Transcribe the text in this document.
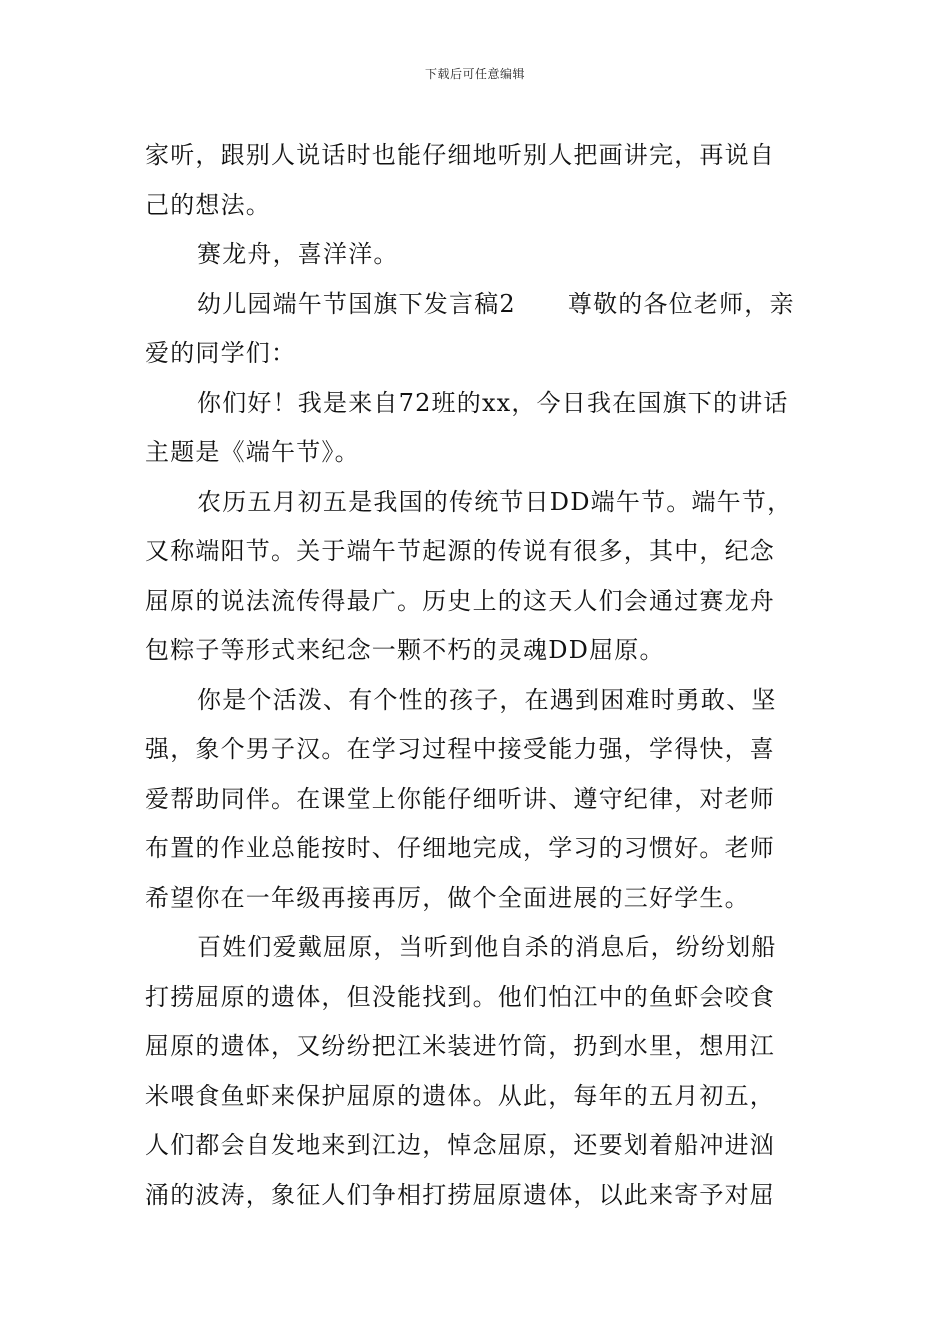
下载后可任意编辑
家听，跟别人说话时也能仔细地听别人把画讲完，再说自
己的想法。
赛龙舟，喜洋洋。
幼儿园端午节国旗下发言稿2 尊敬的各位老师，亲
爱的同学们：
你们好！我是来自72班的xx，今日我在国旗下的讲话
主题是《端午节》。
农历五月初五是我国的传统节日DD端午节。端午节，
又称端阳节。关于端午节起源的传说有很多，其中，纪念
屈原的说法流传得最广。历史上的这天人们会通过赛龙舟
包粽子等形式来纪念一颗不朽的灵魂DD屈原。
你是个活泼、有个性的孩子，在遇到困难时勇敢、坚
强，象个男子汉。在学习过程中接受能力强，学得快，喜
爱帮助同伴。在课堂上你能仔细听讲、遵守纪律，对老师
布置的作业总能按时、仔细地完成，学习的习惯好。老师
希望你在一年级再接再厉，做个全面进展的三好学生。
百姓们爱戴屈原，当听到他自杀的消息后，纷纷划船
打捞屈原的遗体，但没能找到。他们怕江中的鱼虾会咬食
屈原的遗体，又纷纷把江米装进竹筒，扔到水里，想用江
米喂食鱼虾来保护屈原的遗体。从此，每年的五月初五，
人们都会自发地来到江边，悼念屈原，还要划着船冲进汹
涌的波涛，象征人们争相打捞屈原遗体，以此来寄予对屈
